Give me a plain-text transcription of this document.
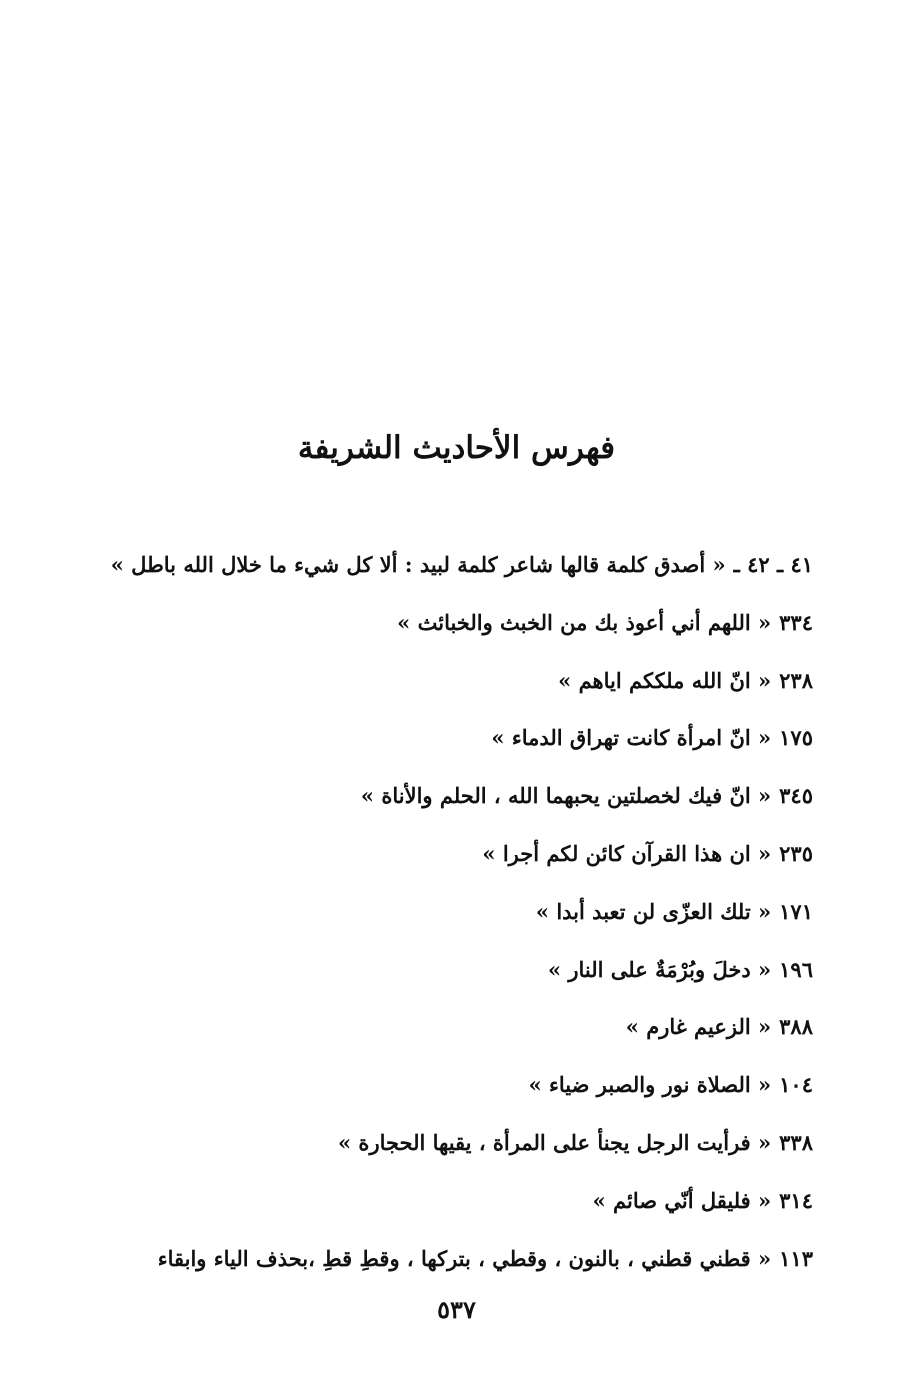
فهرس الأحاديث الشريفة
٤١ ـ ٤٢ ـ« أصدق كلمة قالها شاعر كلمة لبيد : ألا كل شيء ما خلال الله باطل »
٣٣٤« اللهم أني أعوذ بك من الخبث والخبائث »
٢٣٨« انّ الله ملككم اياهم »
١٧٥« انّ امرأة كانت تهراق الدماء »
٣٤٥« انّ فيك لخصلتين يحبهما الله ، الحلم والأناة »
٢٣٥« ان هذا القرآن كائن لكم أجرا »
١٧١« تلك العزّى لن تعبد أبدا »
١٩٦« دخلَ وبُرْمَةٌ على النار »
٣٨٨« الزعيم غارم »
١٠٤« الصلاة نور والصبر ضياء »
٣٣٨« فرأيت الرجل يجنأ على المرأة ، يقيها الحجارة »
٣١٤« فليقل أنّي صائم »
١١٣« قطني قطني ، بالنون ، وقطي ، بتركها ، وقطِ قطِ ،بحذف الياء وابقاء
٥٣٧
